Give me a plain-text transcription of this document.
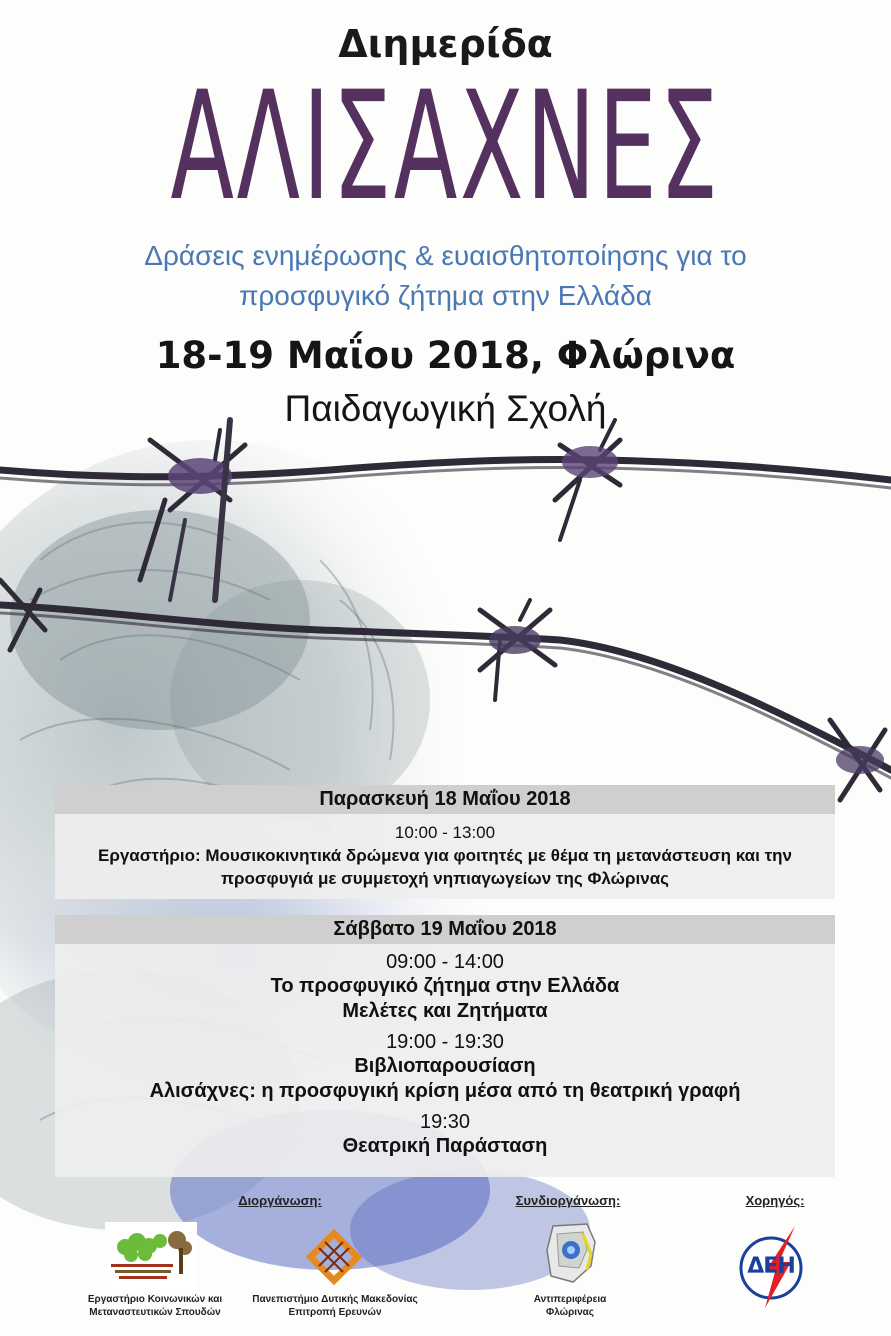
Διημερίδα
ΑΛΙΣΑΧΝΕΣ
Δράσεις ενημέρωσης & ευαισθητοποίησης για το
προσφυγικό ζήτημα στην Ελλάδα
18-19 Μαΐου 2018, Φλώρινα
Παιδαγωγική Σχολή
Παρασκευή 18 Μαΐου 2018
10:00 - 13:00
Εργαστήριο: Μουσικοκινητικά δρώμενα για φοιτητές με θέμα τη μετανάστευση και την
προσφυγιά με συμμετοχή νηπιαγωγείων της Φλώρινας
Σάββατο 19 Μαΐου 2018
09:00 - 14:00
Το προσφυγικό ζήτημα στην Ελλάδα
Μελέτες και Ζητήματα
19:00 - 19:30
Βιβλιοπαρουσίαση
Αλισάχνες: η προσφυγική κρίση μέσα από τη θεατρική γραφή
19:30
Θεατρική Παράσταση
Διοργάνωση:	Συνδιοργάνωση:	Χορηγός:
Εργαστήριο Κοινωνικών και
Μεταναστευτικών Σπουδών
Πανεπιστήμιο Δυτικής Μακεδονίας
Επιτροπή Ερευνών
Αντιπεριφέρεια
Φλώρινας
ΔΕΗ
